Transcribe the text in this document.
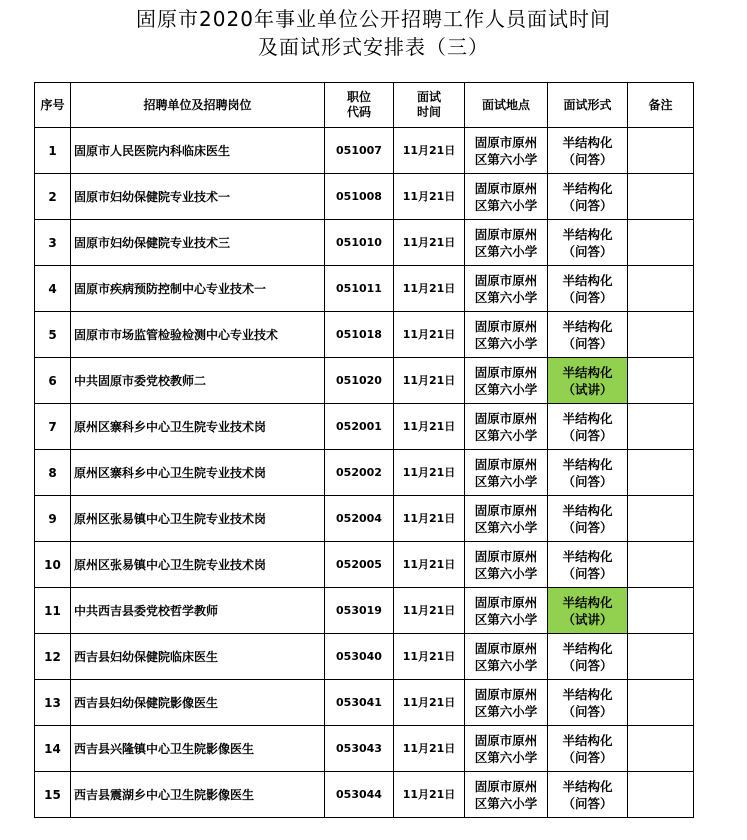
固原市2020年事业单位公开招聘工作人员面试时间
及面试形式安排表（三）
序号	招聘单位及招聘岗位	职位
代码	面试
时间	面试地点	面试形式	备注
1	固原市人民医院内科临床医生	051007	11月21日	固原市原州
区第六小学	半结构化
（问答）	
2	固原市妇幼保健院专业技术一	051008	11月21日	固原市原州
区第六小学	半结构化
（问答）	
3	固原市妇幼保健院专业技术三	051010	11月21日	固原市原州
区第六小学	半结构化
（问答）	
4	固原市疾病预防控制中心专业技术一	051011	11月21日	固原市原州
区第六小学	半结构化
（问答）	
5	固原市市场监管检验检测中心专业技术	051018	11月21日	固原市原州
区第六小学	半结构化
（问答）	
6	中共固原市委党校教师二	051020	11月21日	固原市原州
区第六小学	半结构化
（试讲）	
7	原州区寨科乡中心卫生院专业技术岗	052001	11月21日	固原市原州
区第六小学	半结构化
（问答）	
8	原州区寨科乡中心卫生院专业技术岗	052002	11月21日	固原市原州
区第六小学	半结构化
（问答）	
9	原州区张易镇中心卫生院专业技术岗	052004	11月21日	固原市原州
区第六小学	半结构化
（问答）	
10	原州区张易镇中心卫生院专业技术岗	052005	11月21日	固原市原州
区第六小学	半结构化
（问答）	
11	中共西吉县委党校哲学教师	053019	11月21日	固原市原州
区第六小学	半结构化
（试讲）	
12	西吉县妇幼保健院临床医生	053040	11月21日	固原市原州
区第六小学	半结构化
（问答）	
13	西吉县妇幼保健院影像医生	053041	11月21日	固原市原州
区第六小学	半结构化
（问答）	
14	西吉县兴隆镇中心卫生院影像医生	053043	11月21日	固原市原州
区第六小学	半结构化
（问答）	
15	西吉县震湖乡中心卫生院影像医生	053044	11月21日	固原市原州
区第六小学	半结构化
（问答）	
